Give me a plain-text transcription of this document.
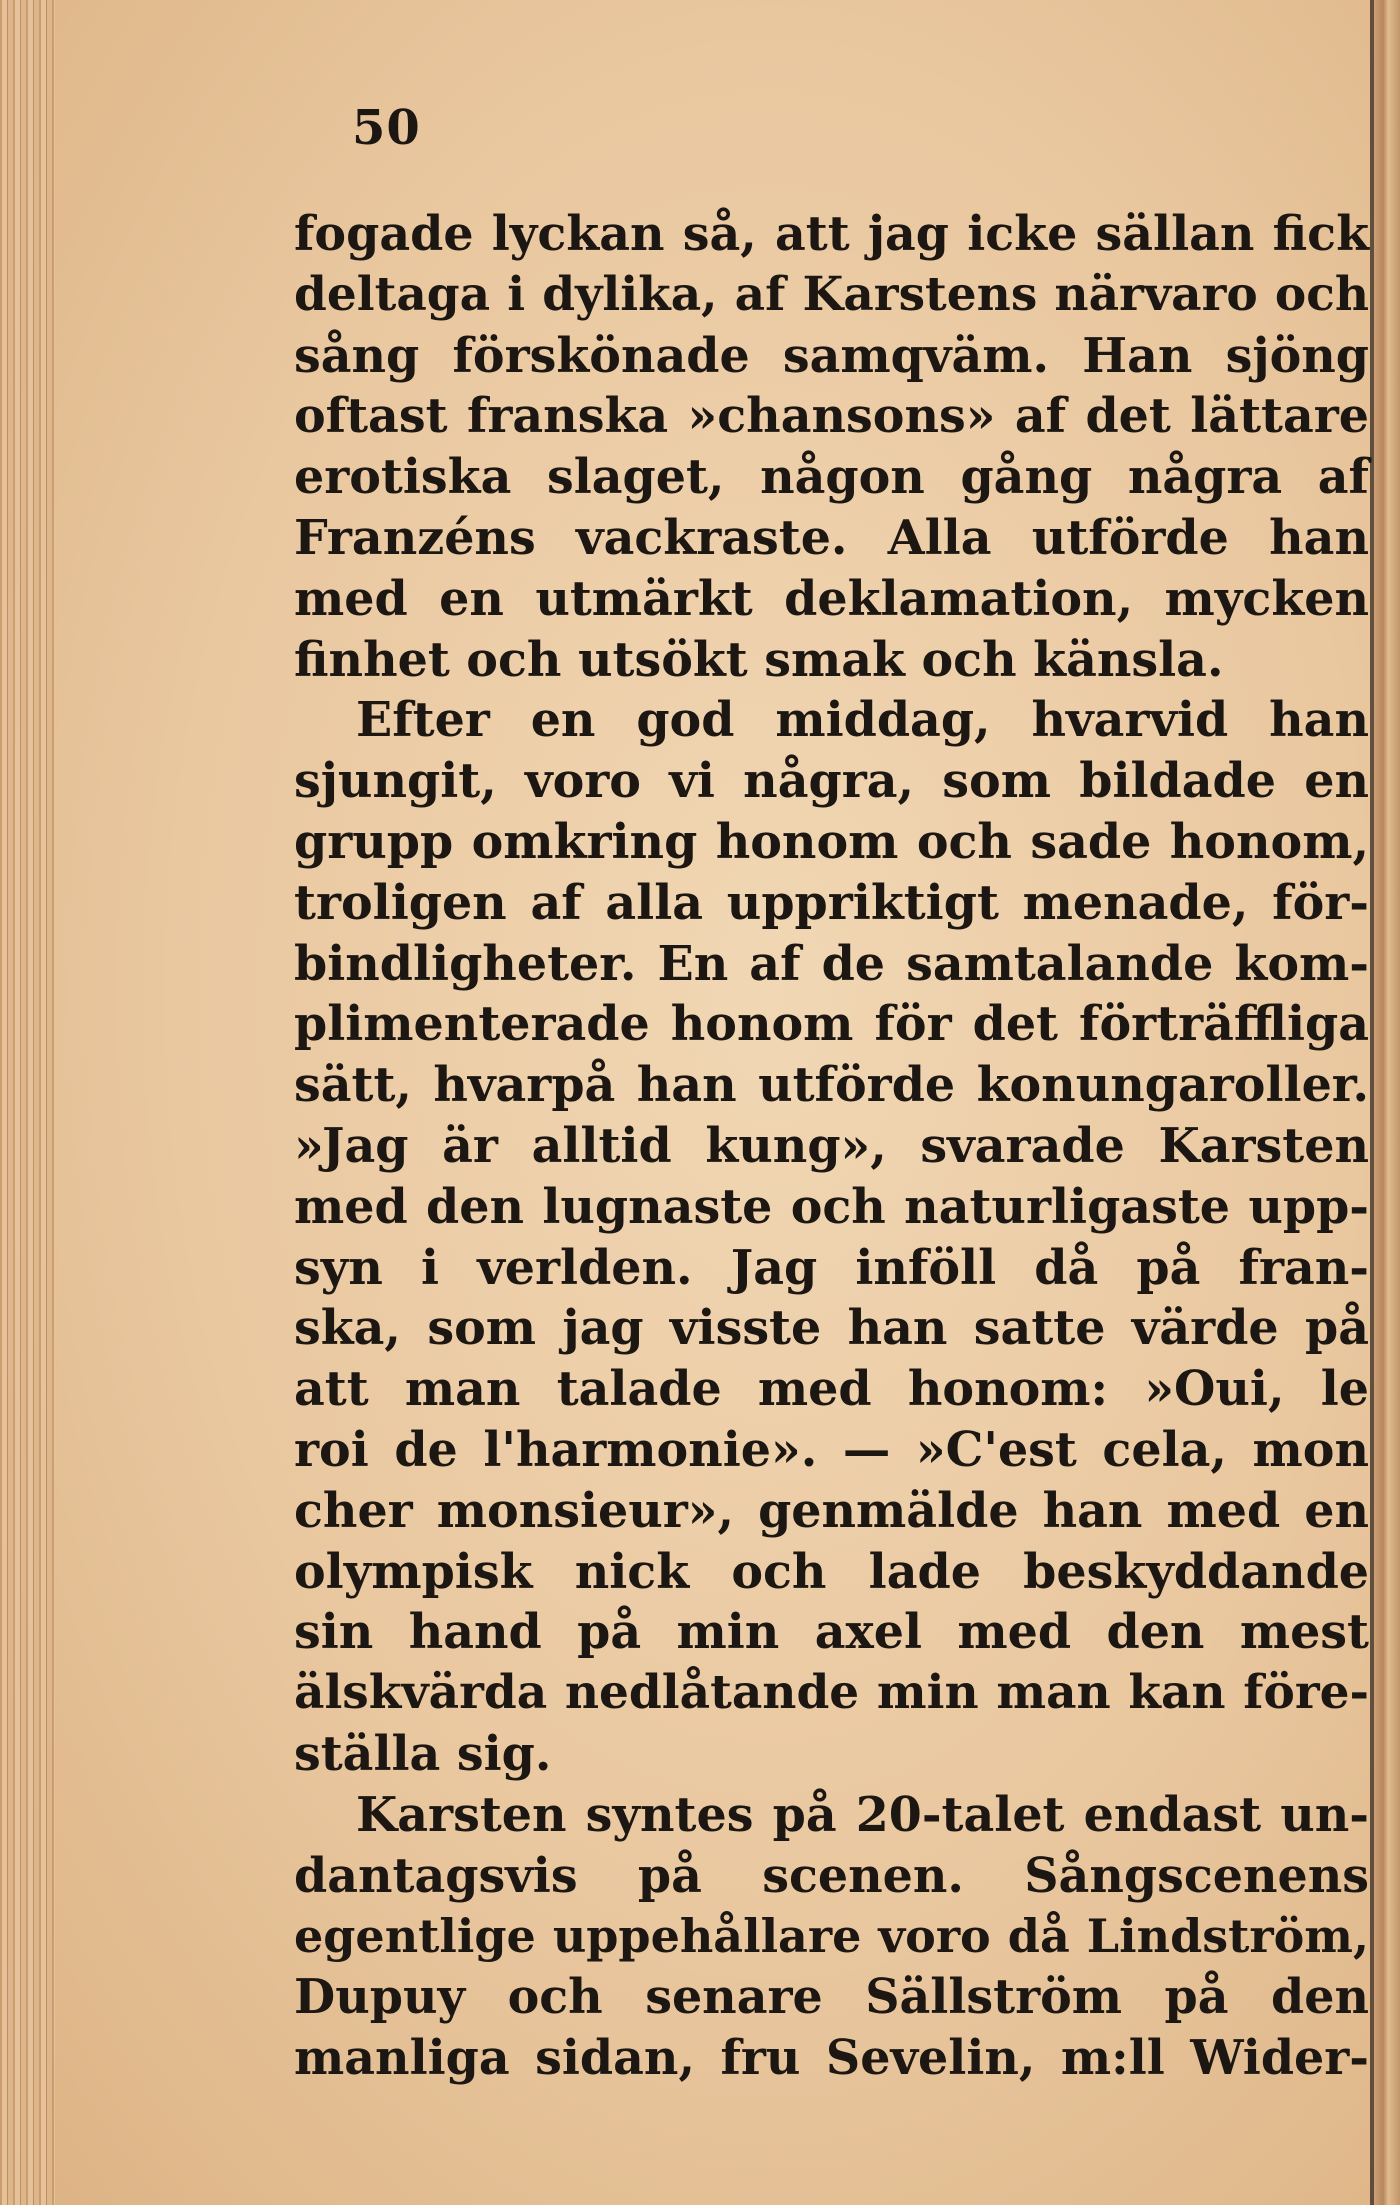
50
fogade lyckan så, att jag icke sällan fick
deltaga i dylika, af Karstens närvaro och
sång förskönade samqväm. Han sjöng
oftast franska »chansons» af det lättare
erotiska slaget, någon gång några af
Franzéns vackraste. Alla utförde han
med en utmärkt deklamation, mycken
finhet och utsökt smak och känsla.
Efter en god middag, hvarvid han
sjungit, voro vi några, som bildade en
grupp omkring honom och sade honom,
troligen af alla uppriktigt menade, för-
bindligheter. En af de samtalande kom-
plimenterade honom för det förträffliga
sätt, hvarpå han utförde konungaroller.
»Jag är alltid kung», svarade Karsten
med den lugnaste och naturligaste upp-
syn i verlden. Jag inföll då på fran-
ska, som jag visste han satte värde på
att man talade med honom: »Oui, le
roi de l'harmonie». — »C'est cela, mon
cher monsieur», genmälde han med en
olympisk nick och lade beskyddande
sin hand på min axel med den mest
älskvärda nedlåtande min man kan före-
ställa sig.
Karsten syntes på 20-talet endast un-
dantagsvis på scenen. Sångscenens
egentlige uppehållare voro då Lindström,
Dupuy och senare Sällström på den
manliga sidan, fru Sevelin, m:ll Wider-
